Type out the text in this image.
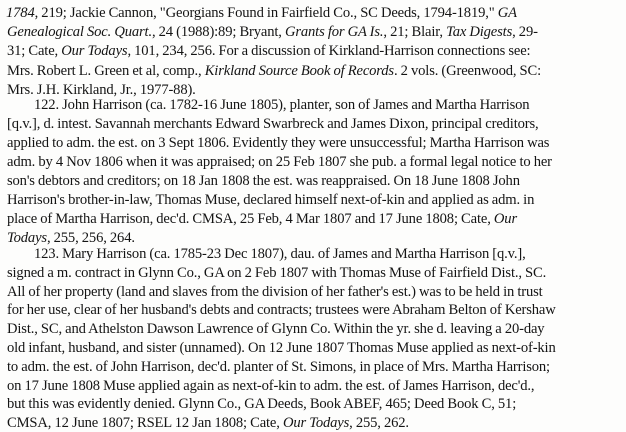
1784, 219; Jackie Cannon, "Georgians Found in Fairfield Co., SC Deeds, 1794-1819," GA
Genealogical Soc. Quart., 24 (1988):89; Bryant, Grants for GA Is., 21; Blair, Tax Digests, 29-
31; Cate, Our Todays, 101, 234, 256. For a discussion of Kirkland-Harrison connections see:
Mrs. Robert L. Green et al, comp., Kirkland Source Book of Records. 2 vols. (Greenwood, SC:
Mrs. J.H. Kirkland, Jr., 1977-88).
122. John Harrison (ca. 1782-16 June 1805), planter, son of James and Martha Harrison
[q.v.], d. intest. Savannah merchants Edward Swarbreck and James Dixon, principal creditors,
applied to adm. the est. on 3 Sept 1806. Evidently they were unsuccessful; Martha Harrison was
adm. by 4 Nov 1806 when it was appraised; on 25 Feb 1807 she pub. a formal legal notice to her
son's debtors and creditors; on 18 Jan 1808 the est. was reappraised. On 18 June 1808 John
Harrison's brother-in-law, Thomas Muse, declared himself next-of-kin and applied as adm. in
place of Martha Harrison, dec'd. CMSA, 25 Feb, 4 Mar 1807 and 17 June 1808; Cate, Our
Todays, 255, 256, 264.
123. Mary Harrison (ca. 1785-23 Dec 1807), dau. of James and Martha Harrison [q.v.],
signed a m. contract in Glynn Co., GA on 2 Feb 1807 with Thomas Muse of Fairfield Dist., SC.
All of her property (land and slaves from the division of her father's est.) was to be held in trust
for her use, clear of her husband's debts and contracts; trustees were Abraham Belton of Kershaw
Dist., SC, and Athelston Dawson Lawrence of Glynn Co. Within the yr. she d. leaving a 20-day
old infant, husband, and sister (unnamed). On 12 June 1807 Thomas Muse applied as next-of-kin
to adm. the est. of John Harrison, dec'd. planter of St. Simons, in place of Mrs. Martha Harrison;
on 17 June 1808 Muse applied again as next-of-kin to adm. the est. of James Harrison, dec'd.,
but this was evidently denied. Glynn Co., GA Deeds, Book ABEF, 465; Deed Book C, 51;
CMSA, 12 June 1807; RSEL 12 Jan 1808; Cate, Our Todays, 255, 262.
